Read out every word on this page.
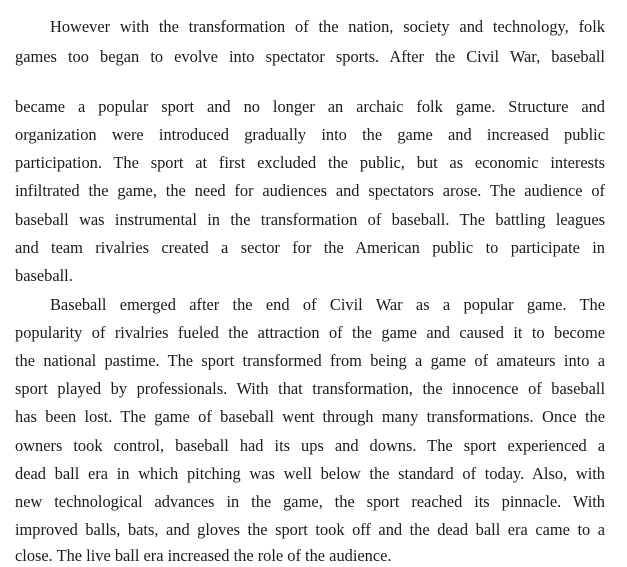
However with the transformation of the nation, society and technology, folk
games too began to evolve into spectator sports. After the Civil War, baseball
became a popular sport and no longer an archaic folk game. Structure and
organization were introduced gradually into the game and increased public
participation. The sport at first excluded the public, but as economic interests
infiltrated the game, the need for audiences and spectators arose. The audience of
baseball was instrumental in the transformation of baseball. The battling leagues
and team rivalries created a sector for the American public to participate in
baseball.
Baseball emerged after the end of Civil War as a popular game. The
popularity of rivalries fueled the attraction of the game and caused it to become
the national pastime. The sport transformed from being a game of amateurs into a
sport played by professionals. With that transformation, the innocence of baseball
has been lost. The game of baseball went through many transformations. Once the
owners took control, baseball had its ups and downs. The sport experienced a
dead ball era in which pitching was well below the standard of today. Also, with
new technological advances in the game, the sport reached its pinnacle. With
improved balls, bats, and gloves the sport took off and the dead ball era came to a
close. The live ball era increased the role of the audience.
